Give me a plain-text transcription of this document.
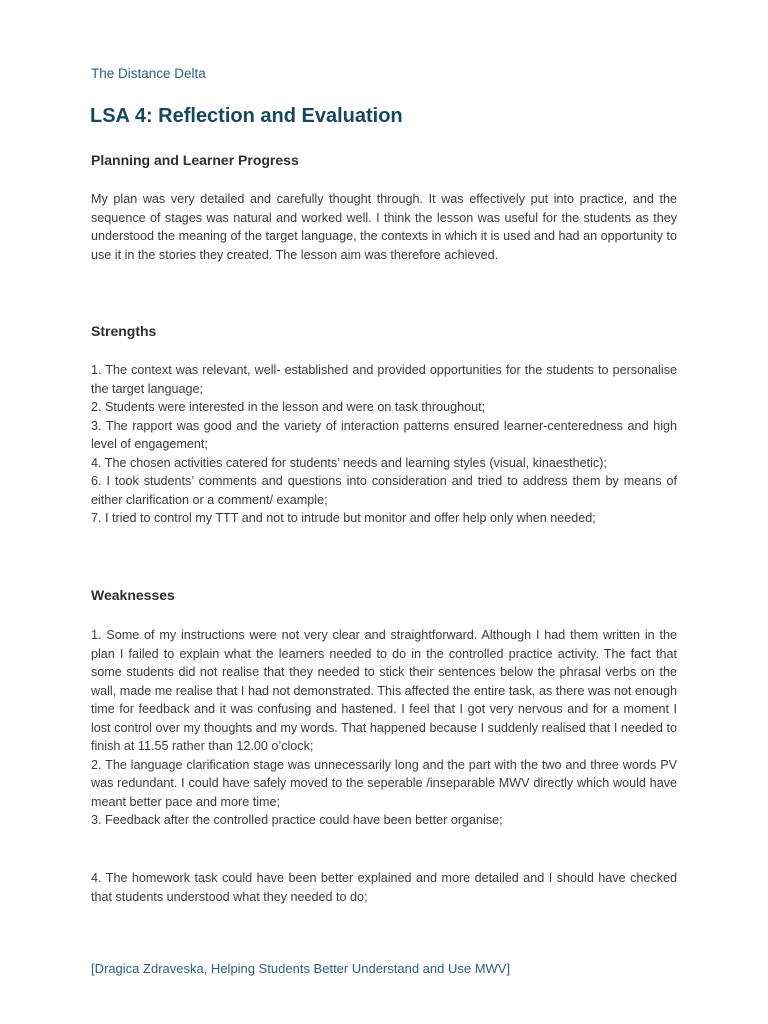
The Distance Delta
LSA 4: Reflection and Evaluation
Planning and Learner Progress

My plan was very detailed and carefully thought through. It was effectively put into practice, and the sequence of stages was natural and worked well. I think the lesson was useful for the students as they understood the meaning of the target language, the contexts in which it is used and had an opportunity to use it in the stories they created. The lesson aim was therefore achieved.

Strengths
1. The context was relevant, well- established and provided opportunities for the students to personalise the target language;
2. Students were interested in the lesson and were on task throughout;
3. The rapport was good and the variety of interaction patterns ensured learner-centeredness and high level of engagement;
4. The chosen activities catered for students’ needs and learning styles (visual, kinaesthetic);
6. I took students’ comments and questions into consideration and tried to address them by means of either clarification or a comment/ example;
7. I tried to control my TTT and not to intrude but monitor and offer help only when needed;
Weaknesses
1. Some of my instructions were not very clear and straightforward. Although I had them written in the plan I failed to explain what the learners needed to do in the controlled practice activity. The fact that some students did not realise that they needed to stick their sentences below the phrasal verbs on the wall, made me realise that I had not demonstrated. This affected the entire task, as there was not enough time for feedback and it was confusing and hastened. I feel that I got very nervous and for a moment I lost control over my thoughts and my words. That happened because I suddenly realised that I needed to finish at 11.55 rather than 12.00 o’clock;
2. The language clarification stage was unnecessarily long and the part with the two and three words PV was redundant. I could have safely moved to the seperable /inseparable MWV directly which would have meant better pace and more time;
3. Feedback after the controlled practice could have been better organise;

4. The homework task could have been better explained and more detailed and I should have checked that students understood what they needed to do;

[Dragica Zdraveska, Helping Students Better Understand and Use MWV]
